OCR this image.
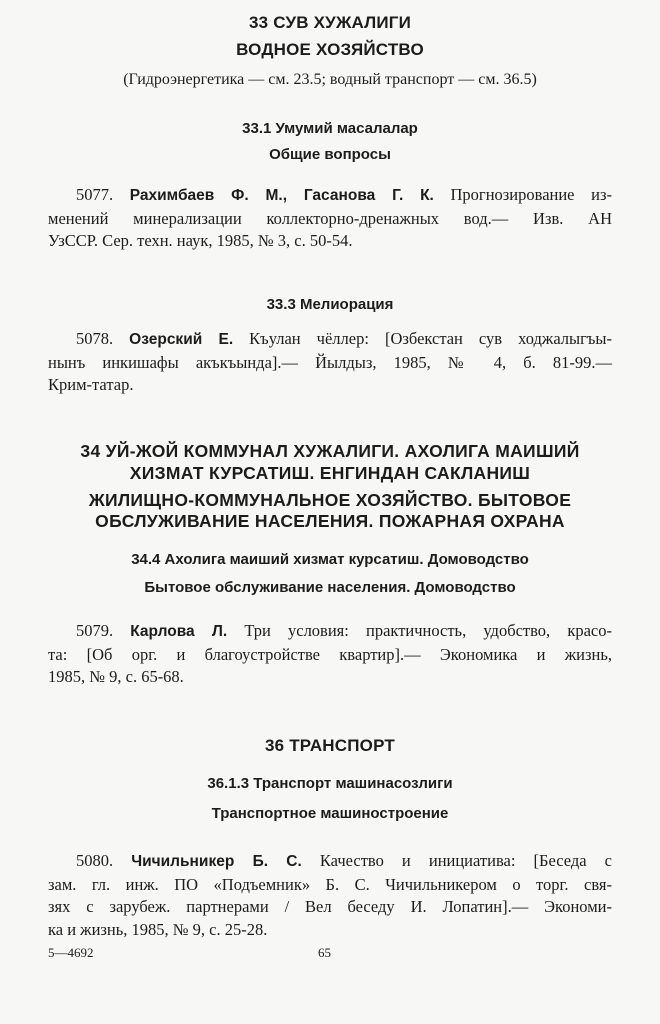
33 СУВ ХУЖАЛИГИ

ВОДНОЕ ХОЗЯЙСТВО

(Гидроэнергетика — см. 23.5; водный транспорт — см. 36.5)

33.1 Умумий масалалар

Общие вопросы

5077. Рахимбаев Ф. М., Гасанова Г. К. Прогнозирование из-
менений минерализации коллекторно-дренажных вод.— Изв. АН
УзССР. Сер. техн. наук, 1985, № 3, с. 50-54.

33.3 Мелиорация

5078. Озерский Е. Къулан чёллер: [Озбекстан сув ходжалыгъы-
нынъ инкишафы акъкъында].— Йылдыз, 1985, № 4, б. 81-99.—
Крим-татар.

34 УЙ-ЖОЙ КОММУНАЛ ХУЖАЛИГИ. АХОЛИГА МАИШИЙ

ХИЗМАТ КУРСАТИШ. ЕНГИНДАН САКЛАНИШ

ЖИЛИЩНО-КОММУНАЛЬНОЕ ХОЗЯЙСТВО. БЫТОВОЕ

ОБСЛУЖИВАНИЕ НАСЕЛЕНИЯ. ПОЖАРНАЯ ОХРАНА

34.4 Ахолига маиший хизмат курсатиш. Домоводство

Бытовое обслуживание населения. Домоводство

5079. Карлова Л. Три условия: практичность, удобство, красо-
та: [Об орг. и благоустройстве квартир].— Экономика и жизнь,
1985, № 9, с. 65-68.

36 ТРАНСПОРТ

36.1.3 Транспорт машинасозлиги

Транспортное машиностроение

5080. Чичильникер Б. С. Качество и инициатива: [Беседа с
зам. гл. инж. ПО «Подъемник» Б. С. Чичильникером о торг. свя-
зях с зарубеж. партнерами / Вел беседу И. Лопатин].— Экономи-
ка и жизнь, 1985, № 9, с. 25-28.

5—4692	65
